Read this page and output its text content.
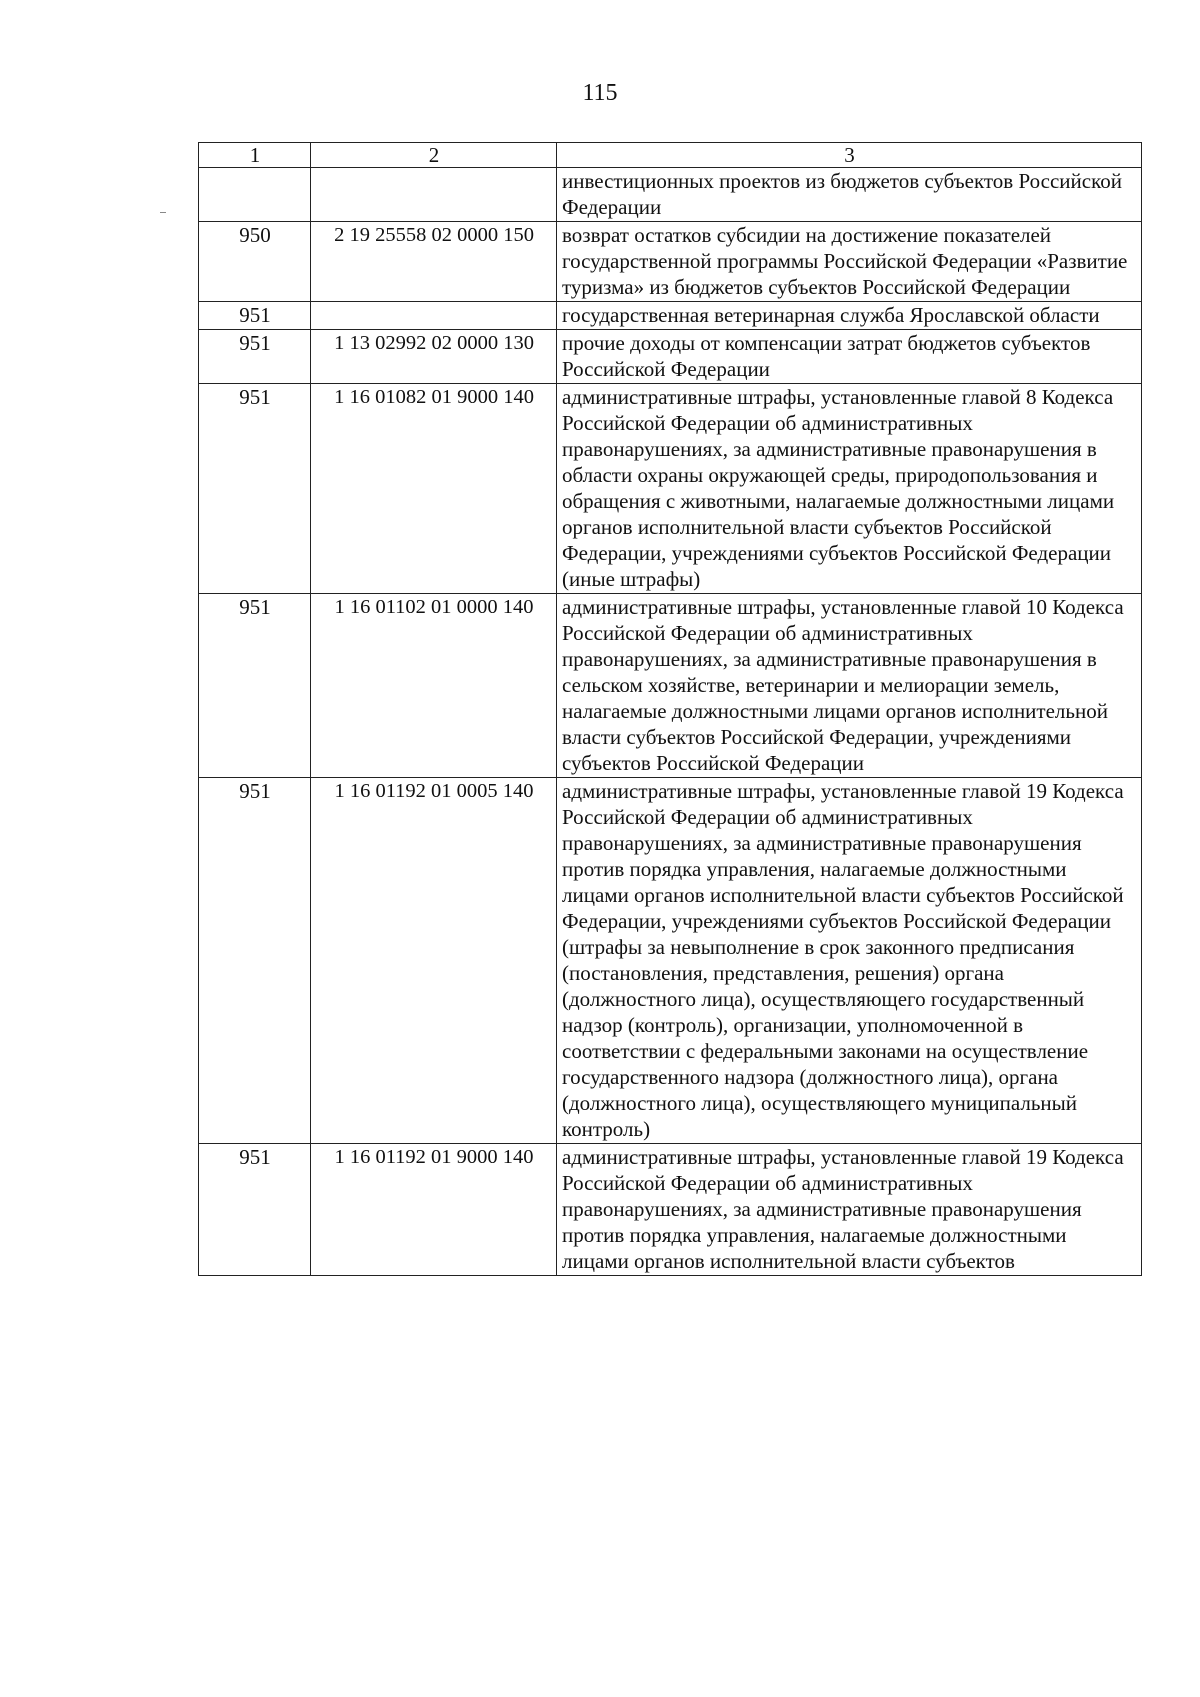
115
1	2	3
		инвестиционных проектов из бюджетов субъектов Российской Федерации
950	2 19 25558 02 0000 150	возврат остатков субсидии на достижение показателей государственной программы Российской Федерации «Развитие туризма» из бюджетов субъектов Российской Федерации
951		государственная ветеринарная служба Ярославской области
951	1 13 02992 02 0000 130	прочие доходы от компенсации затрат бюджетов субъектов Российской Федерации
951	1 16 01082 01 9000 140	административные штрафы, установленные главой 8 Кодекса Российской Федерации об административных правонарушениях, за административные правонарушения в области охраны окружающей среды, природопользования и обращения с животными, налагаемые должностными лицами органов исполнительной власти субъектов Российской Федерации, учреждениями субъектов Российской Федерации (иные штрафы)
951	1 16 01102 01 0000 140	административные штрафы, установленные главой 10 Кодекса Российской Федерации об административных правонарушениях, за административные правонарушения в сельском хозяйстве, ветеринарии и мелиорации земель, налагаемые должностными лицами органов исполнительной власти субъектов Российской Федерации, учреждениями субъектов Российской Федерации
951	1 16 01192 01 0005 140	административные штрафы, установленные главой 19 Кодекса Российской Федерации об административных правонарушениях, за административные правонарушения против порядка управления, налагаемые должностными лицами органов исполнительной власти субъектов Российской Федерации, учреждениями субъектов Российской Федерации (штрафы за невыполнение в срок законного предписания (постановления, представления, решения) органа (должностного лица), осуществляющего государственный надзор (контроль), организации, уполномоченной в соответствии с федеральными законами на осуществление государственного надзора (должностного лица), органа (должностного лица), осуществляющего муниципальный контроль)
951	1 16 01192 01 9000 140	административные штрафы, установленные главой 19 Кодекса Российской Федерации об административных правонарушениях, за административные правонарушения против порядка управления, налагаемые должностными лицами органов исполнительной власти субъектов
